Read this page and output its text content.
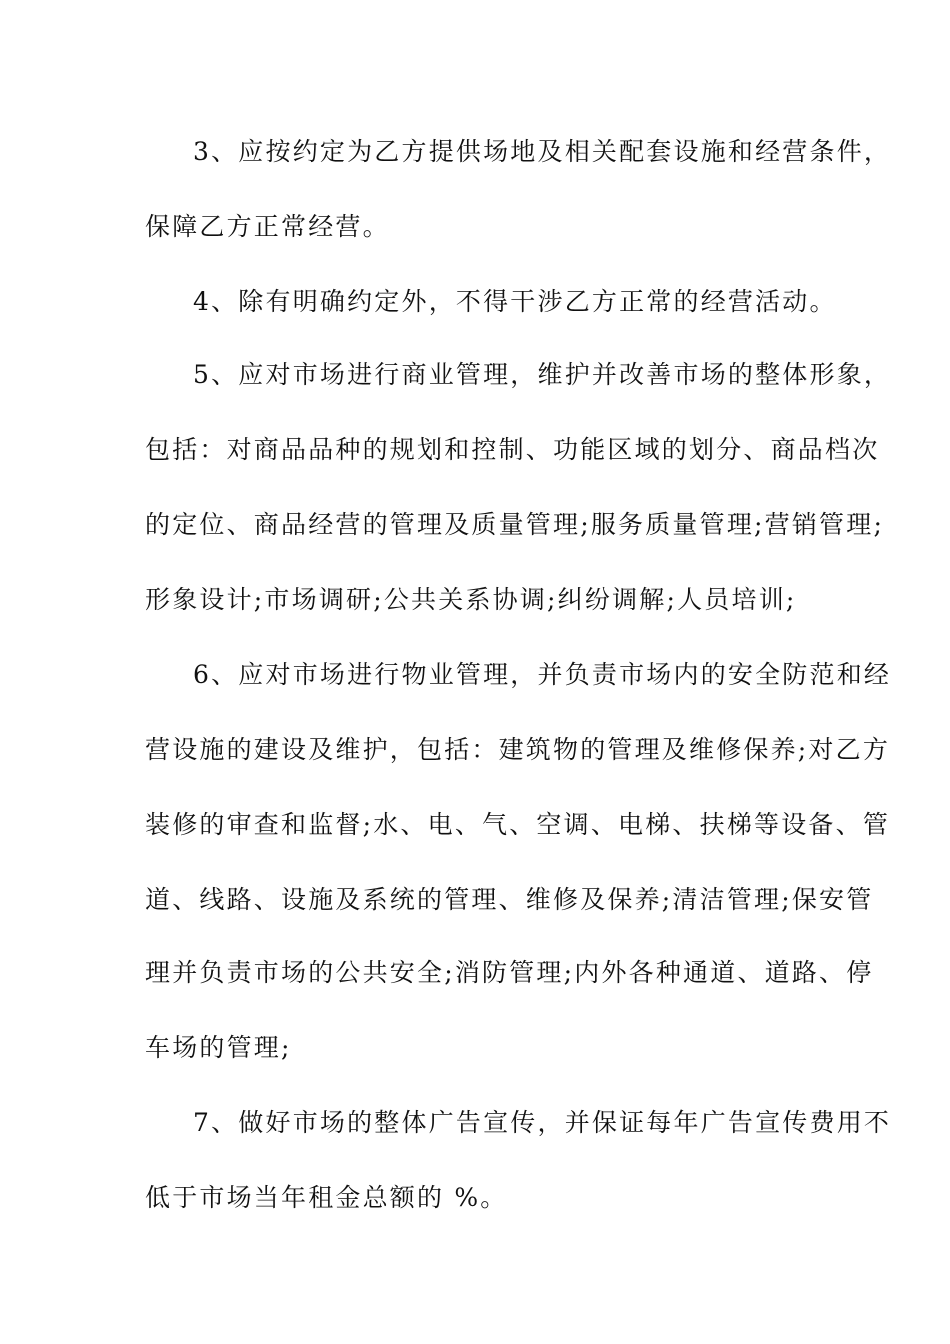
3、应按约定为乙方提供场地及相关配套设施和经营条件，
保障乙方正常经营。
4、除有明确约定外，不得干涉乙方正常的经营活动。
5、应对市场进行商业管理，维护并改善市场的整体形象，
包括：对商品品种的规划和控制、功能区域的划分、商品档次
的定位、商品经营的管理及质量管理;服务质量管理;营销管理;
形象设计;市场调研;公共关系协调;纠纷调解;人员培训;
6、应对市场进行物业管理，并负责市场内的安全防范和经
营设施的建设及维护，包括：建筑物的管理及维修保养;对乙方
装修的审查和监督;水、电、气、空调、电梯、扶梯等设备、管
道、线路、设施及系统的管理、维修及保养;清洁管理;保安管
理并负责市场的公共安全;消防管理;内外各种通道、道路、停
车场的管理;
7、做好市场的整体广告宣传，并保证每年广告宣传费用不
低于市场当年租金总额的 %。
